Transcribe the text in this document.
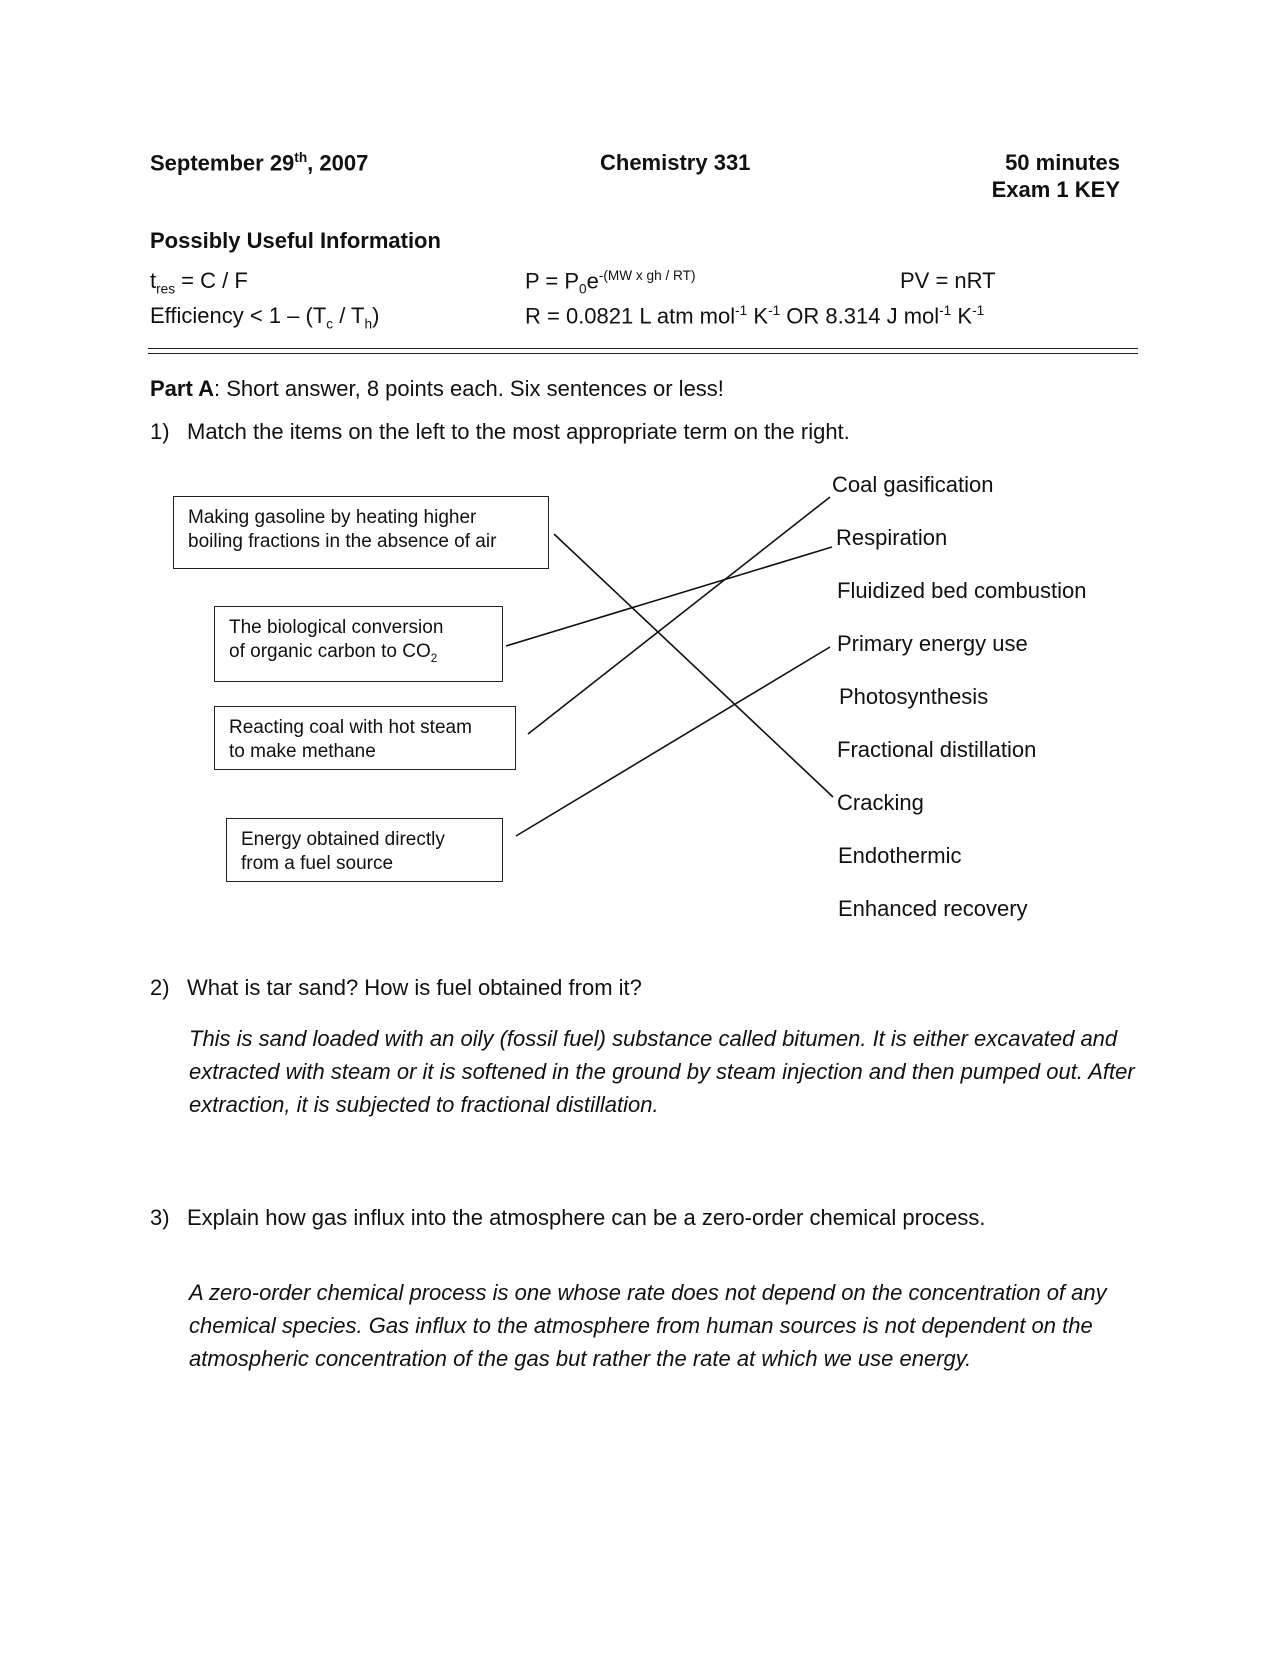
September 29th, 2007	Chemistry 331	50 minutes
Exam 1 KEY
Possibly Useful Information
$t_{res} = C / F$	$P = P_0e^{-(MW x gh / RT)}$	PV = nRT
Efficiency < $1 - (T_c / T_h)$	R = 0.0821 L atm mol$^{-1}$ $K^{-1}$ OR 8.314 J mol$^{-1}$ $K^{-1}$
Part A: Short answer, 8 points each. Six sentences or less!
1) Match the items on the left to the most appropriate term on the right.
Making gasoline by heating higher
boiling fractions in the absence of air
The biological conversion
of organic carbon to $CO_2$
Reacting coal with hot steam
to make methane
Energy obtained directly
from a fuel source
Coal gasification
Respiration
Fluidized bed combustion
Primary energy use
Photosynthesis
Fractional distillation
Cracking
Endothermic
Enhanced recovery
2) What is tar sand? How is fuel obtained from it?
This is sand loaded with an oily (fossil fuel) substance called bitumen. It is either excavated and extracted with steam or it is softened in the ground by steam injection and then pumped out. After extraction, it is subjected to fractional distillation.
3) Explain how gas influx into the atmosphere can be a zero-order chemical process.
A zero-order chemical process is one whose rate does not depend on the concentration of any chemical species. Gas influx to the atmosphere from human sources is not dependent on the atmospheric concentration of the gas but rather the rate at which we use energy.
